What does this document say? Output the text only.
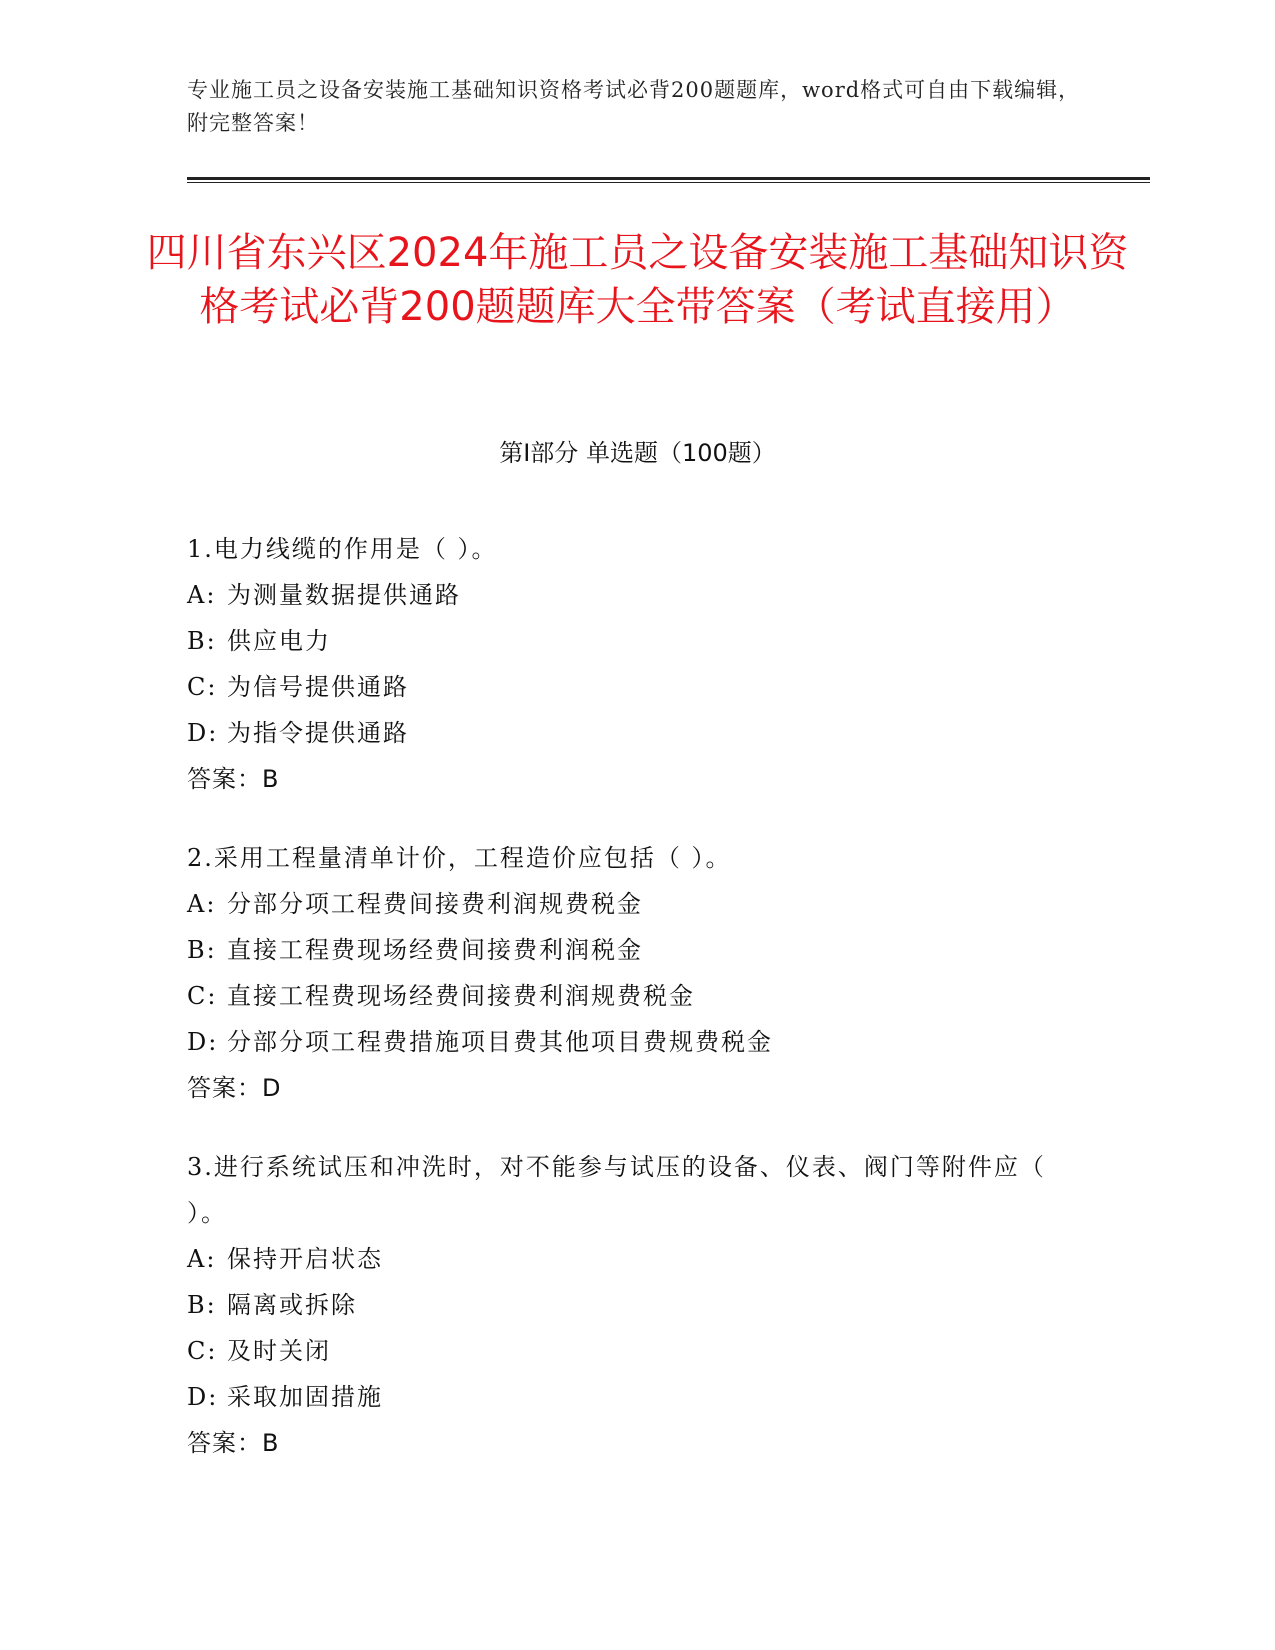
专业施工员之设备安装施工基础知识资格考试必背200题题库，word格式可自由下载编辑，附完整答案！
四川省东兴区2024年施工员之设备安装施工基础知识资格考试必背200题题库大全带答案（考试直接用）
第Ⅰ部分 单选题（100题）
1.电力线缆的作用是（ ）。
A: 为测量数据提供通路
B: 供应电力
C: 为信号提供通路
D: 为指令提供通路
答案：B
2.采用工程量清单计价，工程造价应包括（ ）。
A: 分部分项工程费间接费利润规费税金
B: 直接工程费现场经费间接费利润税金
C: 直接工程费现场经费间接费利润规费税金
D: 分部分项工程费措施项目费其他项目费规费税金
答案：D
3.进行系统试压和冲洗时，对不能参与试压的设备、仪表、阀门等附件应（ ）。
A: 保持开启状态
B: 隔离或拆除
C: 及时关闭
D: 采取加固措施
答案：B
